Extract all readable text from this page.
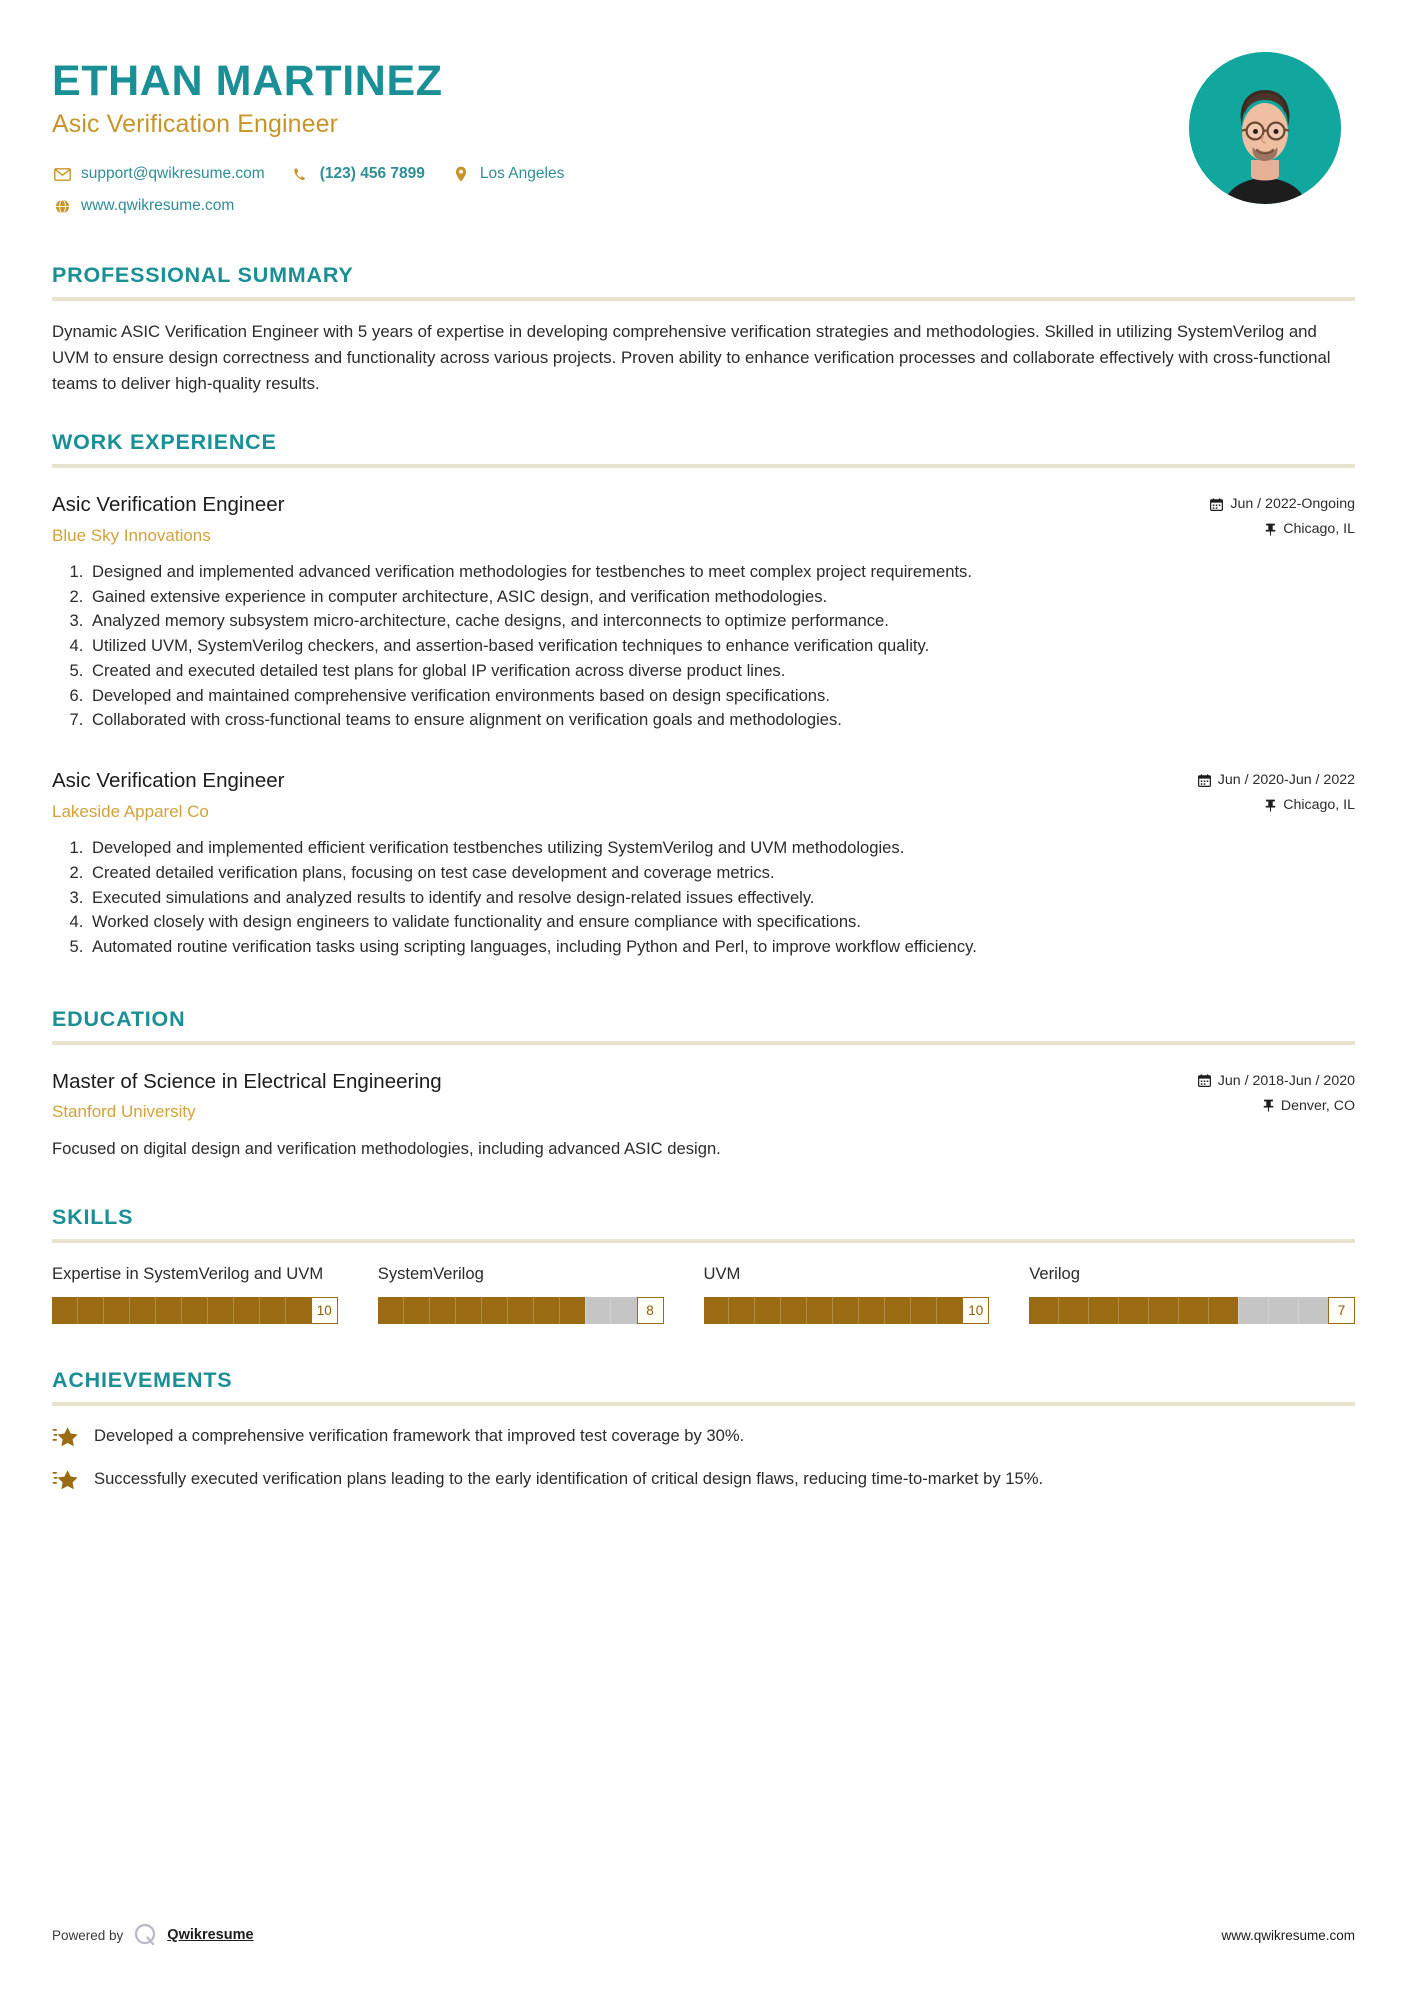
ETHAN MARTINEZ
Asic Verification Engineer
support@qwikresume.com	(123) 456 7899	Los Angeles
www.qwikresume.com
PROFESSIONAL SUMMARY
Dynamic ASIC Verification Engineer with 5 years of expertise in developing comprehensive verification strategies and methodologies. Skilled in utilizing SystemVerilog and UVM to ensure design correctness and functionality across various projects. Proven ability to enhance verification processes and collaborate effectively with cross-functional teams to deliver high-quality results.
WORK EXPERIENCE
Asic Verification Engineer
Blue Sky Innovations
Jun / 2022-Ongoing
Chicago, IL
1. Designed and implemented advanced verification methodologies for testbenches to meet complex project requirements.
2. Gained extensive experience in computer architecture, ASIC design, and verification methodologies.
3. Analyzed memory subsystem micro-architecture, cache designs, and interconnects to optimize performance.
4. Utilized UVM, SystemVerilog checkers, and assertion-based verification techniques to enhance verification quality.
5. Created and executed detailed test plans for global IP verification across diverse product lines.
6. Developed and maintained comprehensive verification environments based on design specifications.
7. Collaborated with cross-functional teams to ensure alignment on verification goals and methodologies.
Asic Verification Engineer
Lakeside Apparel Co
Jun / 2020-Jun / 2022
Chicago, IL
1. Developed and implemented efficient verification testbenches utilizing SystemVerilog and UVM methodologies.
2. Created detailed verification plans, focusing on test case development and coverage metrics.
3. Executed simulations and analyzed results to identify and resolve design-related issues effectively.
4. Worked closely with design engineers to validate functionality and ensure compliance with specifications.
5. Automated routine verification tasks using scripting languages, including Python and Perl, to improve workflow efficiency.
EDUCATION
Master of Science in Electrical Engineering
Stanford University
Jun / 2018-Jun / 2020
Denver, CO
Focused on digital design and verification methodologies, including advanced ASIC design.
SKILLS
Expertise in SystemVerilog and UVM
10
SystemVerilog
8
UVM
10
Verilog
7
ACHIEVEMENTS
Developed a comprehensive verification framework that improved test coverage by 30%.
Successfully executed verification plans leading to the early identification of critical design flaws, reducing time-to-market by 15%.
Powered by	Qwikresume	www.qwikresume.com
